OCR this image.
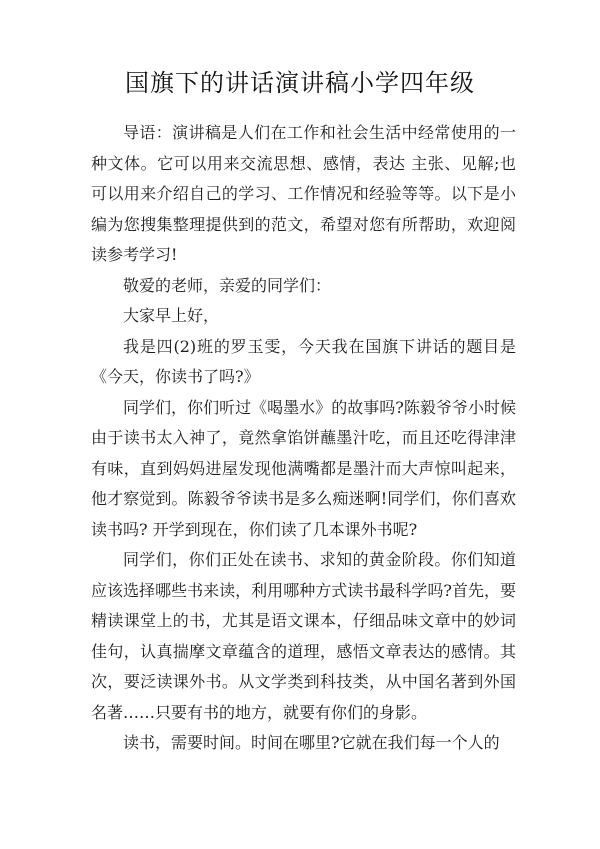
国旗下的讲话演讲稿小学四年级

导语：演讲稿是人们在工作和社会生活中经常使用的一种文体。它可以用来交流思想、感情，表达 主张、见解;也可以用来介绍自己的学习、工作情况和经验等等。以下是小编为您搜集整理提供到的范文，希望对您有所帮助，欢迎阅读参考学习!

敬爱的老师，亲爱的同学们：

大家早上好，

我是四(2)班的罗玉雯，今天我在国旗下讲话的题目是《今天，你读书了吗?》

同学们，你们听过《喝墨水》的故事吗?陈毅爷爷小时候由于读书太入神了，竟然拿馅饼蘸墨汁吃，而且还吃得津津有味，直到妈妈进屋发现他满嘴都是墨汁而大声惊叫起来，他才察觉到。陈毅爷爷读书是多么痴迷啊!同学们，你们喜欢读书吗? 开学到现在，你们读了几本课外书呢?

同学们，你们正处在读书、求知的黄金阶段。你们知道应该选择哪些书来读，利用哪种方式读书最科学吗?首先，要精读课堂上的书，尤其是语文课本，仔细品味文章中的妙词佳句，认真揣摩文章蕴含的道理，感悟文章表达的感情。其次，要泛读课外书。从文学类到科技类，从中国名著到外国名著……只要有书的地方，就要有你们的身影。

读书，需要时间。时间在哪里?它就在我们每一个人的
